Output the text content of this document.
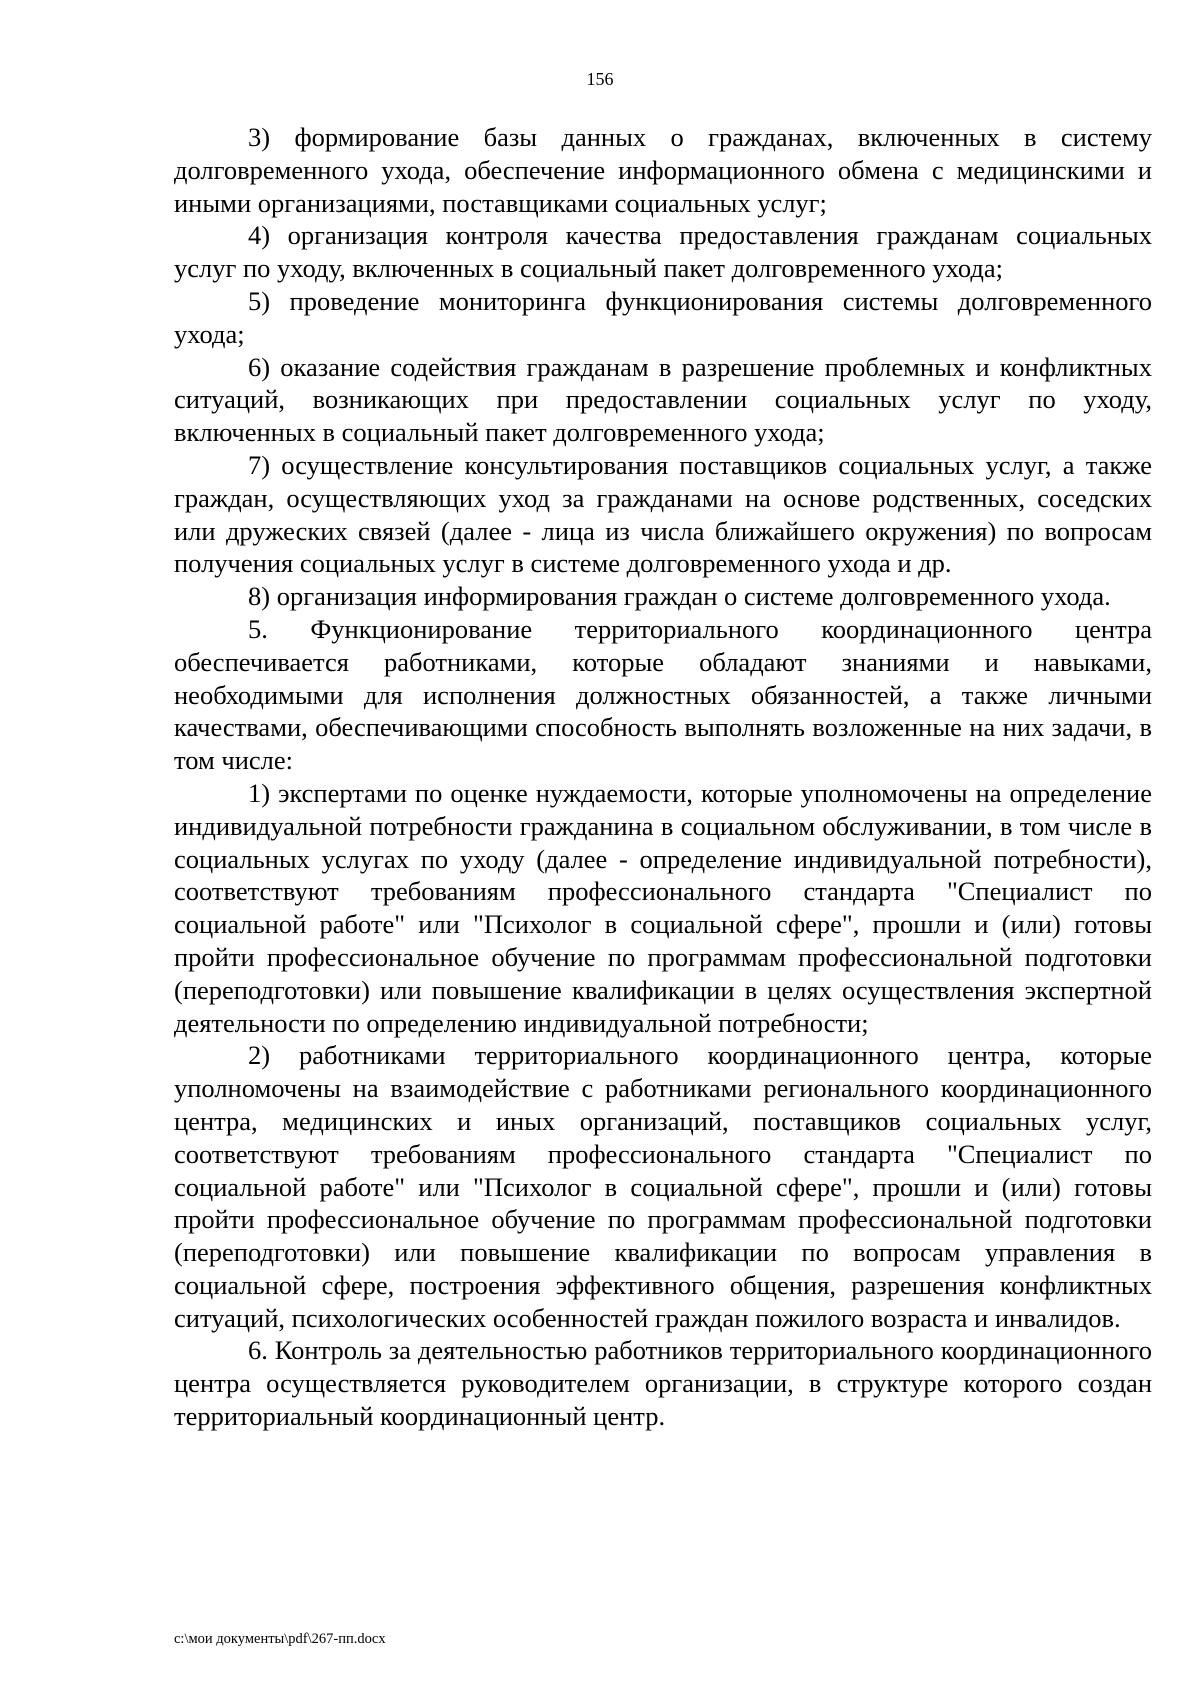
156

3) формирование базы данных о гражданах, включенных в систему долговременного ухода, обеспечение информационного обмена с медицинскими и иными организациями, поставщиками социальных услуг;

4) организация контроля качества предоставления гражданам социальных услуг по уходу, включенных в социальный пакет долговременного ухода;

5) проведение мониторинга функционирования системы долговременного ухода;

6) оказание содействия гражданам в разрешение проблемных и конфликтных ситуаций, возникающих при предоставлении социальных услуг по уходу, включенных в социальный пакет долговременного ухода;

7) осуществление консультирования поставщиков социальных услуг, а также граждан, осуществляющих уход за гражданами на основе родственных, соседских или дружеских связей (далее - лица из числа ближайшего окружения) по вопросам получения социальных услуг в системе долговременного ухода и др.

8) организация информирования граждан о системе долговременного ухода.

5. Функционирование территориального координационного центра обеспечивается работниками, которые обладают знаниями и навыками, необходимыми для исполнения должностных обязанностей, а также личными качествами, обеспечивающими способность выполнять возложенные на них задачи, в том числе:

1) экспертами по оценке нуждаемости, которые уполномочены на определение индивидуальной потребности гражданина в социальном обслуживании, в том числе в социальных услугах по уходу (далее - определение индивидуальной потребности), соответствуют требованиям профессионального стандарта "Специалист по социальной работе" или "Психолог в социальной сфере", прошли и (или) готовы пройти профессиональное обучение по программам профессиональной подготовки (переподготовки) или повышение квалификации в целях осуществления экспертной деятельности по определению индивидуальной потребности;

2) работниками территориального координационного центра, которые уполномочены на взаимодействие с работниками регионального координационного центра, медицинских и иных организаций, поставщиков социальных услуг, соответствуют требованиям профессионального стандарта "Специалист по социальной работе" или "Психолог в социальной сфере", прошли и (или) готовы пройти профессиональное обучение по программам профессиональной подготовки (переподготовки) или повышение квалификации по вопросам управления в социальной сфере, построения эффективного общения, разрешения конфликтных ситуаций, психологических особенностей граждан пожилого возраста и инвалидов.

6. Контроль за деятельностью работников территориального координационного центра осуществляется руководителем организации, в структуре которого создан территориальный координационный центр.

c:\мои документы\pdf\267-пп.docx
